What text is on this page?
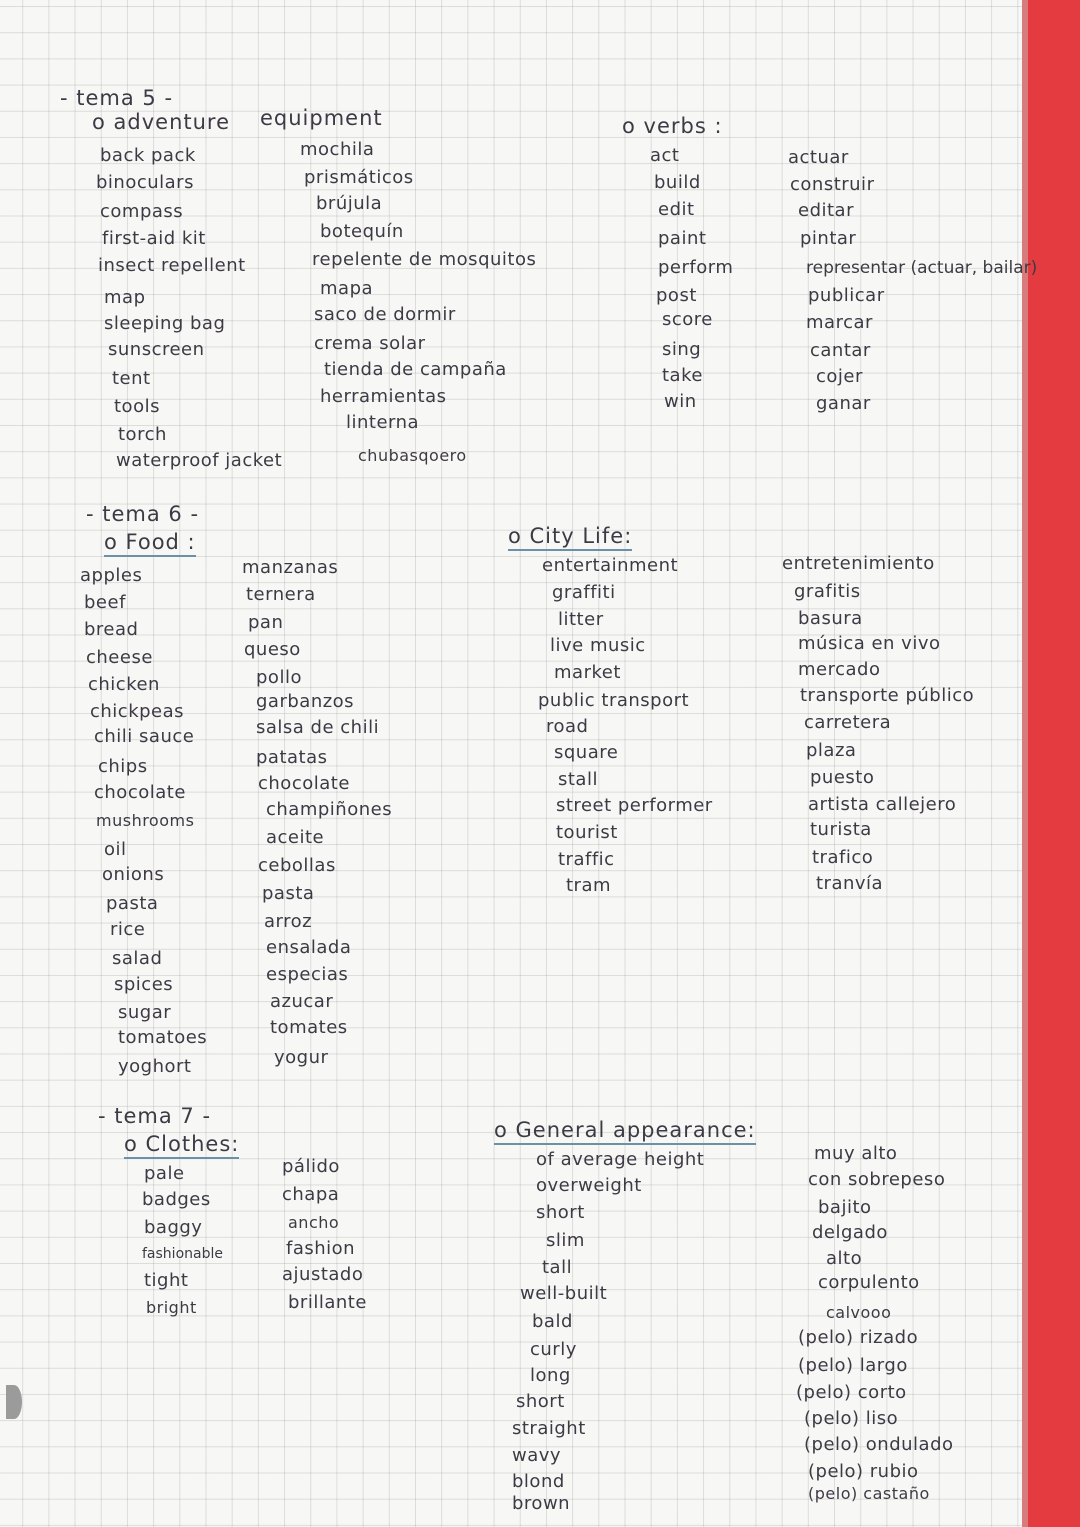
- tema 5 -
o adventure equipment	o verbs :
back pack
binoculars
compass
first-aid kit
insect repellent
map
sleeping bag
sunscreen
tent
tools
torch
waterproof jacket
mochila
prismáticos
brújula
botequín
repelente de mosquitos
mapa
saco de dormir
crema solar
tienda de campaña
herramientas
linterna
chubasqoero
act
build
edit
paint
perform
post
score
sing
take
win
actuar
construir
editar
pintar
representar (actuar, bailar)
publicar
marcar
cantar
cojer
ganar
- tema 6 -
o Food :	o City Life:
apples
beef
bread
cheese
chicken
chickpeas
chili sauce
chips
chocolate
mushrooms
oil
onions
pasta
rice
salad
spices
sugar
tomatoes
yoghort
manzanas
ternera
pan
queso
pollo
garbanzos
salsa de chili
patatas
chocolate
champiñones
aceite
cebollas
pasta
arroz
ensalada
especias
azucar
tomates
yogur
entertainment
graffiti
litter
live music
market
public transport
road
square
stall
street performer
tourist
traffic
tram
entretenimiento
grafitis
basura
música en vivo
mercado
transporte público
carretera
plaza
puesto
artista callejero
turista
trafico
tranvía
- tema 7 -
o Clothes:
o General appearance:
pale
badges
baggy
fashionable
tight
bright
pálido
chapa
ancho
fashion
ajustado
brillante
of average height
overweight
short
slim
tall
well-built
bald
curly
long
short
straight
wavy
blond
brown
muy alto
con sobrepeso
bajito
delgado
alto
corpulento
calvooo
(pelo) rizado
(pelo) largo
(pelo) corto
(pelo) liso
(pelo) ondulado
(pelo) rubio
(pelo) castaño
